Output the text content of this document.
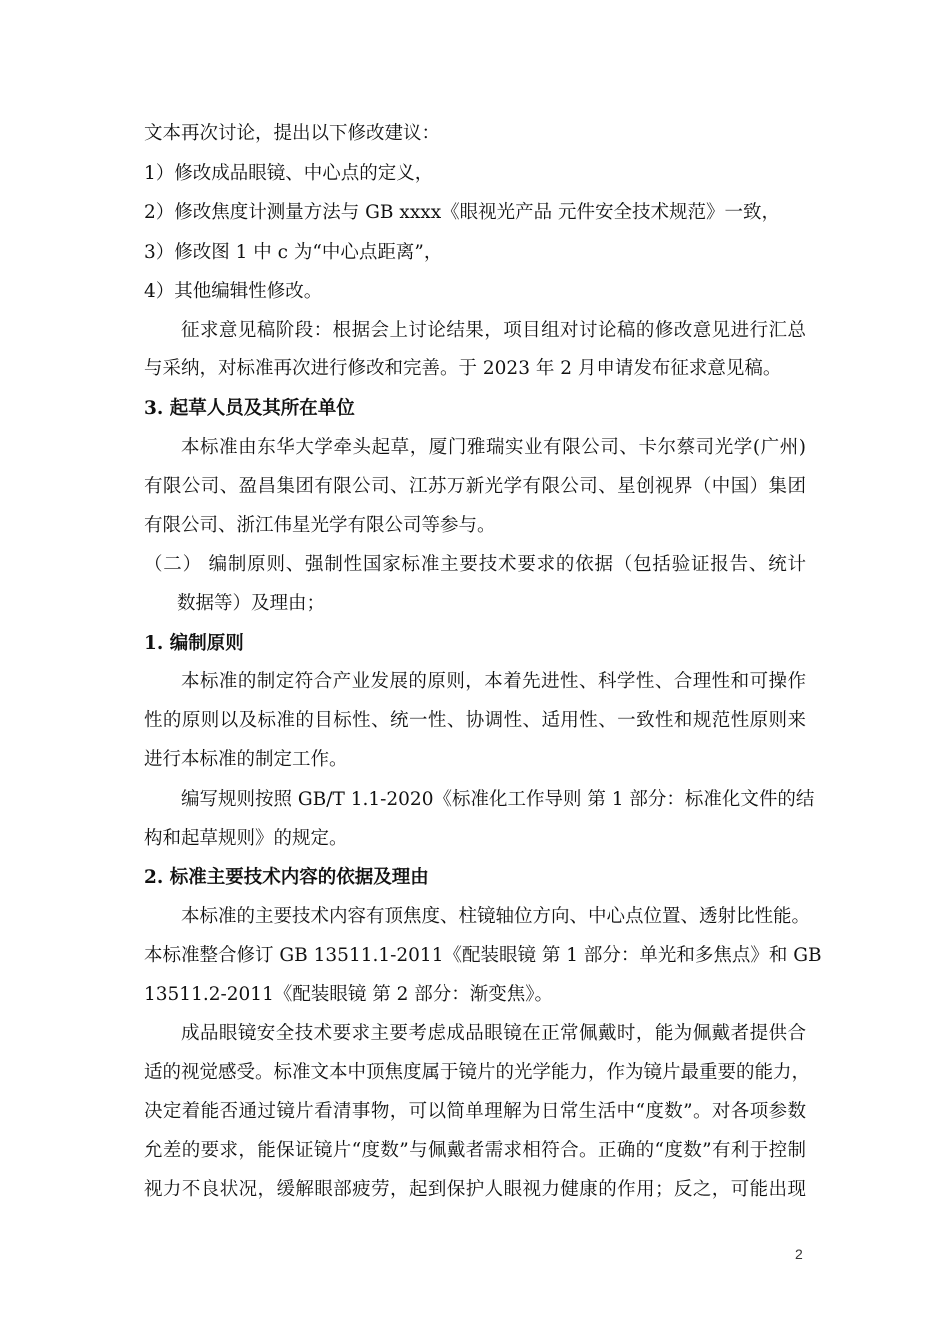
文本再次讨论，提出以下修改建议：
1）修改成品眼镜、中心点的定义，
2）修改焦度计测量方法与 GB xxxx《眼视光产品 元件安全技术规范》一致，
3）修改图 1 中 c 为“中心点距离”，
4）其他编辑性修改。
征求意见稿阶段：根据会上讨论结果，项目组对讨论稿的修改意见进行汇总
与采纳，对标准再次进行修改和完善。于 2023 年 2 月申请发布征求意见稿。
3. 起草人员及其所在单位
本标准由东华大学牵头起草，厦门雅瑞实业有限公司、卡尔蔡司光学(广州)
有限公司、盈昌集团有限公司、江苏万新光学有限公司、星创视界（中国）集团
有限公司、浙江伟星光学有限公司等参与。
（二） 编制原则、强制性国家标准主要技术要求的依据（包括验证报告、统计
数据等）及理由；
1. 编制原则
本标准的制定符合产业发展的原则，本着先进性、科学性、合理性和可操作
性的原则以及标准的目标性、统一性、协调性、适用性、一致性和规范性原则来
进行本标准的制定工作。
编写规则按照 GB/T 1.1-2020《标准化工作导则 第 1 部分：标准化文件的结
构和起草规则》的规定。
2. 标准主要技术内容的依据及理由
本标准的主要技术内容有顶焦度、柱镜轴位方向、中心点位置、透射比性能。
本标准整合修订 GB 13511.1-2011《配装眼镜 第 1 部分：单光和多焦点》和 GB
13511.2-2011《配装眼镜 第 2 部分：渐变焦》。
成品眼镜安全技术要求主要考虑成品眼镜在正常佩戴时，能为佩戴者提供合
适的视觉感受。标准文本中顶焦度属于镜片的光学能力，作为镜片最重要的能力，
决定着能否通过镜片看清事物，可以简单理解为日常生活中“度数”。对各项参数
允差的要求，能保证镜片“度数”与佩戴者需求相符合。正确的“度数”有利于控制
视力不良状况，缓解眼部疲劳，起到保护人眼视力健康的作用；反之，可能出现
2
